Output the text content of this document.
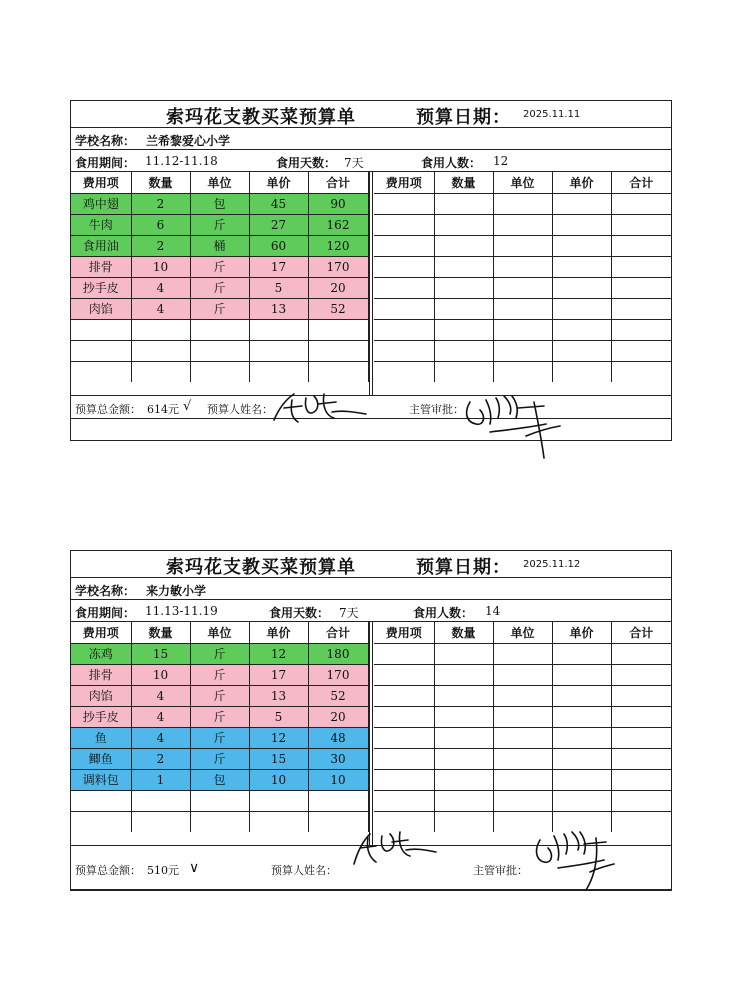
索玛花支教买菜预算单	预算日期： 2025.11.11
学校名称： 兰希黎爱心小学
食用期间： 11.12-11.18	食用天数： 7天	食用人数： 12
费用项	数量	单位	单价	合计
鸡中翅	2	包	45	90
牛肉	6	斤	27	162
食用油	2	桶	60	120
排骨	10	斤	17	170
抄手皮	4	斤	5	20
肉馅	4	斤	13	52

费用项	数量	单位	单价	合计

预算总金额： 614元 √ 预算人姓名：	主管审批：
索玛花支教买菜预算单	预算日期： 2025.11.12
学校名称： 来力敏小学
食用期间： 11.13-11.19	食用天数： 7天	食用人数： 14
费用项	数量	单位	单价	合计
冻鸡	15	斤	12	180
排骨	10	斤	17	170
肉馅	4	斤	13	52
抄手皮	4	斤	5	20
鱼	4	斤	12	48
鲫鱼	2	斤	15	30
调料包	1	包	10	10

费用项	数量	单位	单价	合计

预算总金额： 510元 ∨	预算人姓名：	主管审批：
